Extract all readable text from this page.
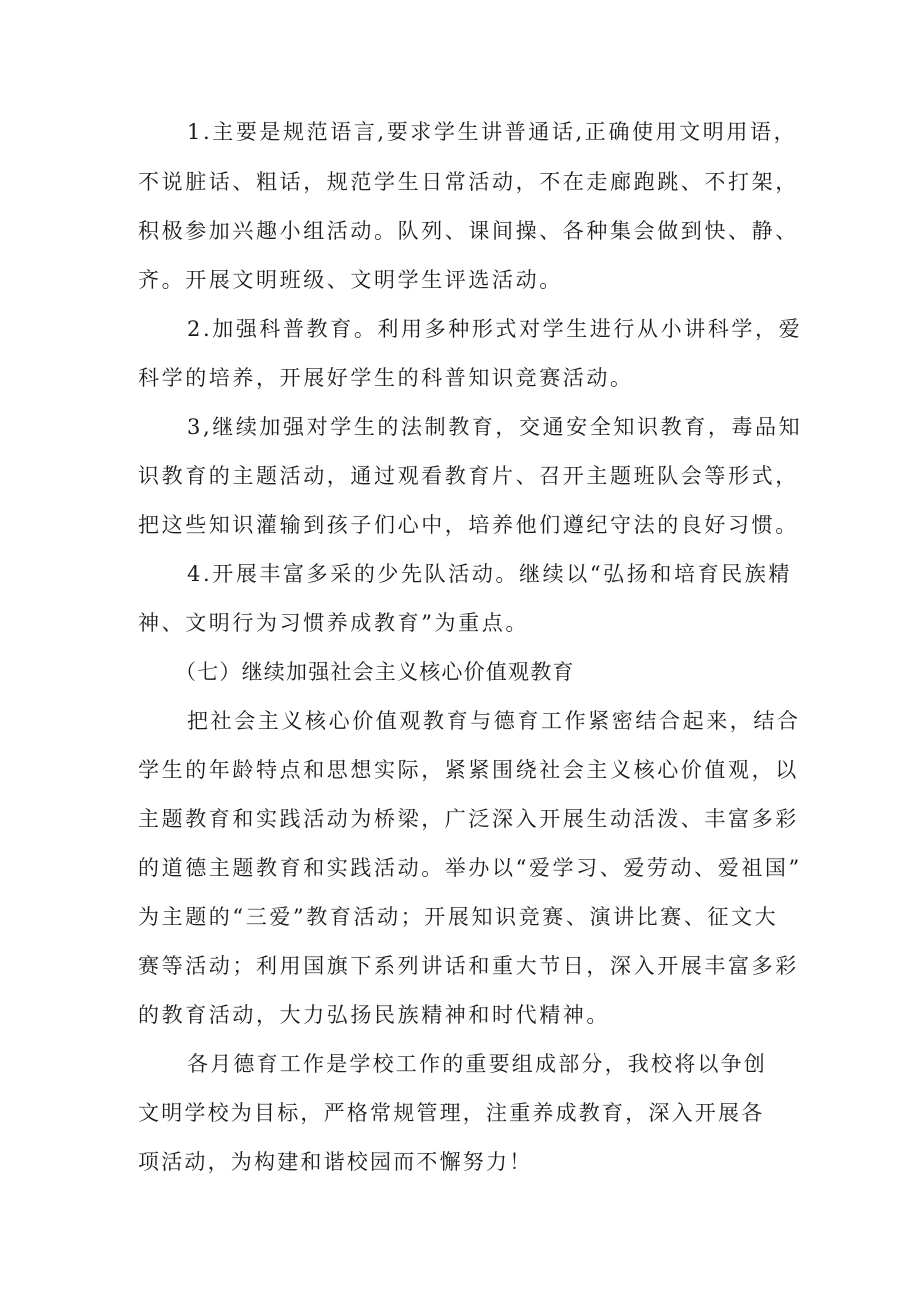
1.主要是规范语言,要求学生讲普通话,正确使用文明用语，
不说脏话、粗话，规范学生日常活动，不在走廊跑跳、不打架，
积极参加兴趣小组活动。队列、课间操、各种集会做到快、静、
齐。开展文明班级、文明学生评选活动。
2.加强科普教育。利用多种形式对学生进行从小讲科学，爱
科学的培养，开展好学生的科普知识竞赛活动。
3,继续加强对学生的法制教育，交通安全知识教育，毒品知
识教育的主题活动，通过观看教育片、召开主题班队会等形式，
把这些知识灌输到孩子们心中，培养他们遵纪守法的良好习惯。
4.开展丰富多采的少先队活动。继续以“弘扬和培育民族精
神、文明行为习惯养成教育”为重点。
（七）继续加强社会主义核心价值观教育
把社会主义核心价值观教育与德育工作紧密结合起来，结合
学生的年龄特点和思想实际，紧紧围绕社会主义核心价值观，以
主题教育和实践活动为桥梁，广泛深入开展生动活泼、丰富多彩
的道德主题教育和实践活动。举办以“爱学习、爱劳动、爱祖国”
为主题的“三爱”教育活动；开展知识竞赛、演讲比赛、征文大
赛等活动；利用国旗下系列讲话和重大节日，深入开展丰富多彩
的教育活动，大力弘扬民族精神和时代精神。
各月德育工作是学校工作的重要组成部分，我校将以争创
文明学校为目标，严格常规管理，注重养成教育，深入开展各
项活动，为构建和谐校园而不懈努力！
